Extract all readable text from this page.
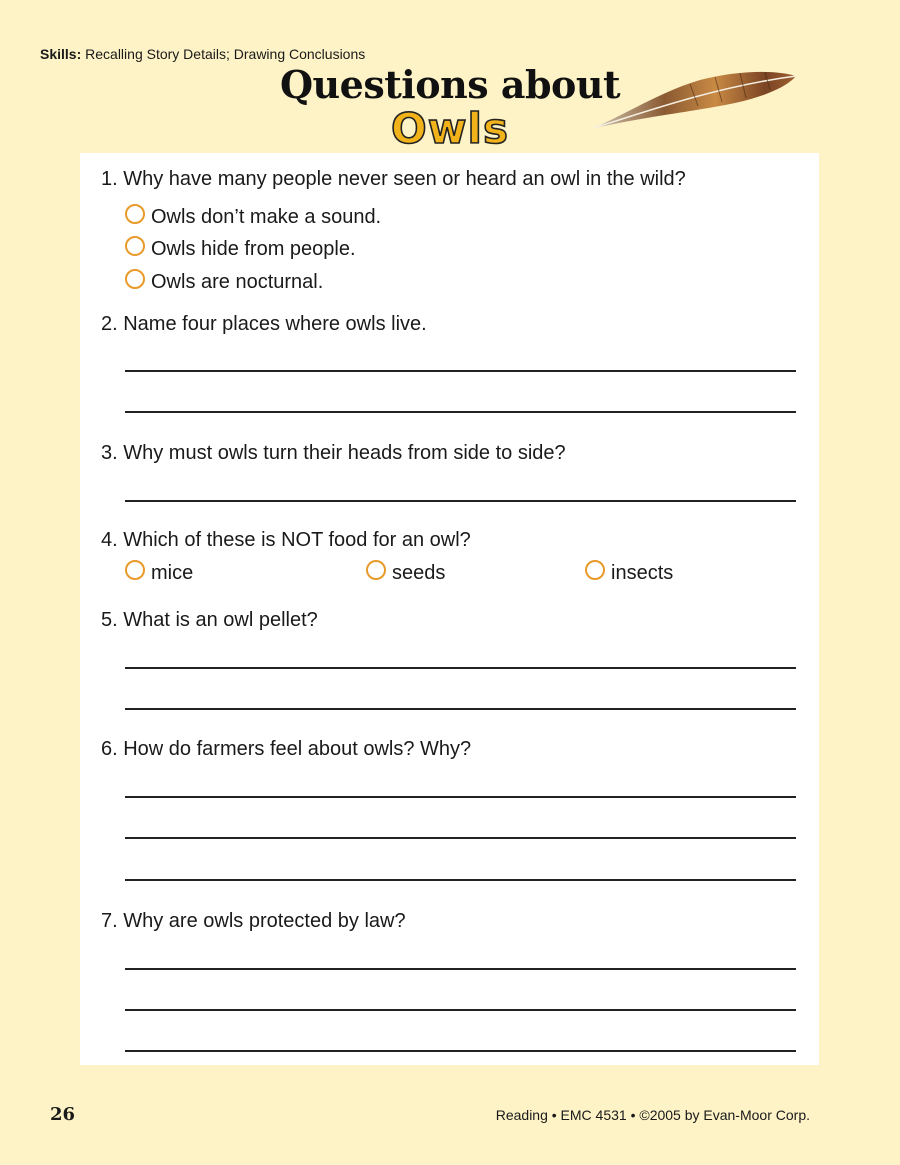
Skills: Recalling Story Details; Drawing Conclusions
Questions about
Owls
1. Why have many people never seen or heard an owl in the wild?
Owls don’t make a sound.
Owls hide from people.
Owls are nocturnal.
2. Name four places where owls live.
3. Why must owls turn their heads from side to side?
4. Which of these is NOT food for an owl?
mice	seeds	insects
5. What is an owl pellet?
6. How do farmers feel about owls? Why?
7. Why are owls protected by law?
26	Reading • EMC 4531 • ©2005 by Evan-Moor Corp.
